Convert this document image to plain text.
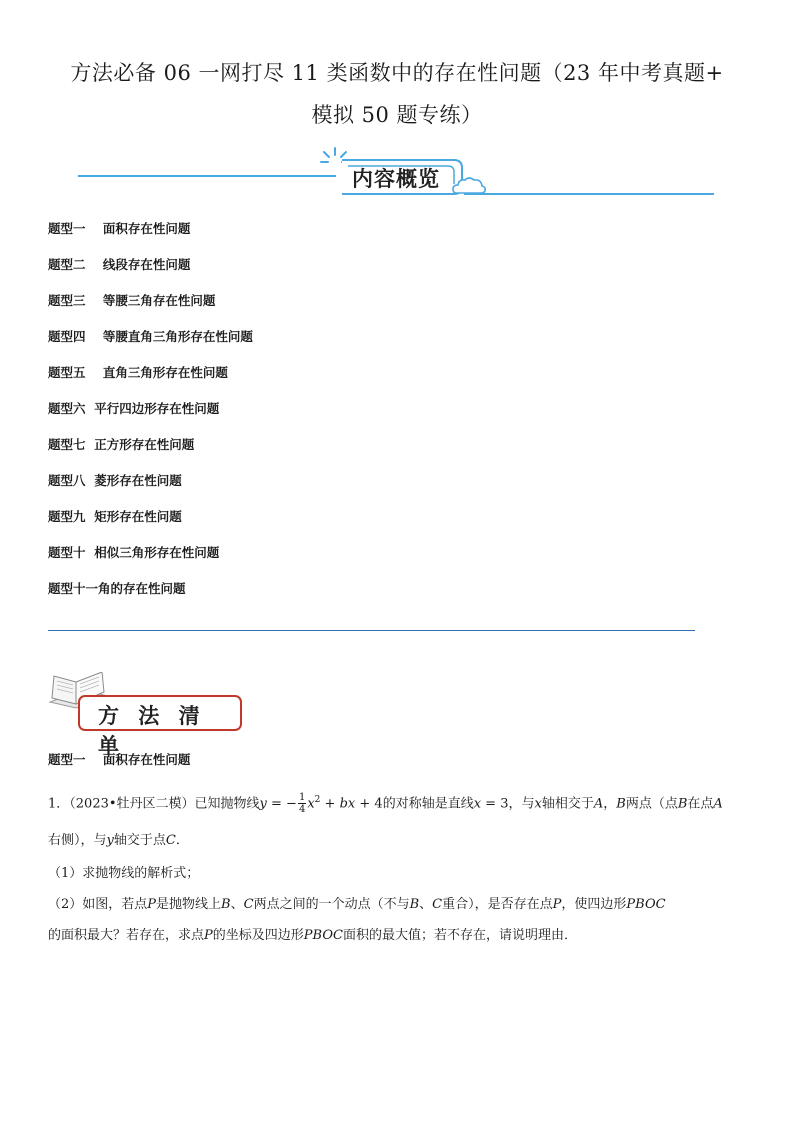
方法必备 06 一网打尽 11 类函数中的存在性问题（23 年中考真题+
模拟 50 题专练）
内容概览
题型一    面积存在性问题
题型二    线段存在性问题
题型三    等腰三角存在性问题
题型四    等腰直角三角形存在性问题
题型五    直角三角形存在性问题
题型六  平行四边形存在性问题
题型七  正方形存在性问题
题型八  菱形存在性问题
题型九  矩形存在性问题
题型十  相似三角形存在性问题
题型十一角的存在性问题
方 法 清 单
题型一    面积存在性问题
1．（2023•牡丹区二模）已知抛物线y = − $\frac{1}{4} x^2$ + bx + 4的对称轴是直线x = 3，与x轴相交于A，B两点（点B在点A
右侧），与y轴交于点C．
（1）求抛物线的解析式；
（2）如图，若点P是抛物线上B、C两点之间的一个动点（不与B、C重合），是否存在点P，使四边形PBOC
的面积最大？若存在，求点P的坐标及四边形PBOC面积的最大值；若不存在，请说明理由．
